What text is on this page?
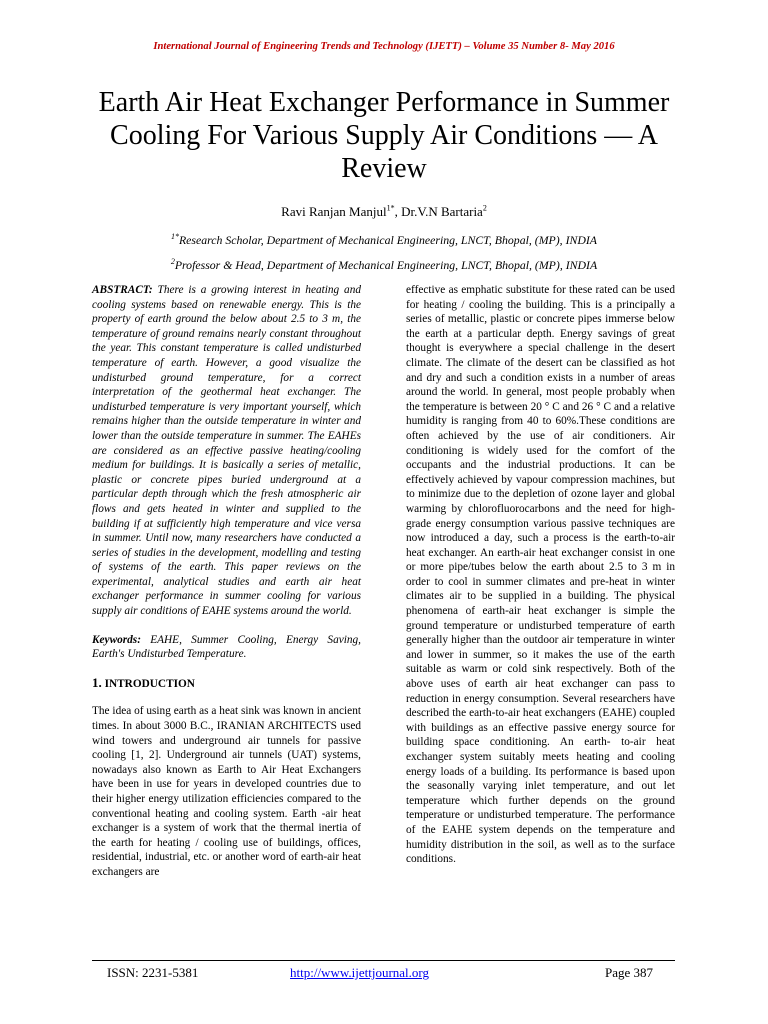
International Journal of Engineering Trends and Technology (IJETT) – Volume 35 Number 8- May 2016
Earth Air Heat Exchanger Performance in Summer Cooling For Various Supply Air Conditions — A Review
Ravi Ranjan Manjul$^{1*}$, Dr.V.N Bartaria$^2$
$^{1*}$Research Scholar, Department of Mechanical Engineering, LNCT, Bhopal, (MP), INDIA
$^2$Professor & Head, Department of Mechanical Engineering, LNCT, Bhopal, (MP), INDIA

ABSTRACT: There is a growing interest in heating and cooling systems based on renewable energy. This is the property of earth ground the below about 2.5 to 3 m, the temperature of ground remains nearly constant throughout the year. This constant temperature is called undisturbed temperature of earth. However, a good visualize the undisturbed ground temperature, for a correct interpretation of the geothermal heat exchanger. The undisturbed temperature is very important yourself, which remains higher than the outside temperature in winter and lower than the outside temperature in summer. The EAHEs are considered as an effective passive heating/cooling medium for buildings. It is basically a series of metallic, plastic or concrete pipes buried underground at a particular depth through which the fresh atmospheric air flows and gets heated in winter and supplied to the building if at sufficiently high temperature and vice versa in summer. Until now, many researchers have conducted a series of studies in the development, modelling and testing of systems of the earth. This paper reviews on the experimental, analytical studies and earth air heat exchanger performance in summer cooling for various supply air conditions of EAHE systems around the world.

Keywords: EAHE, Summer Cooling, Energy Saving, Earth's Undisturbed Temperature.

1. INTRODUCTION

The idea of using earth as a heat sink was known in ancient times. In about 3000 B.C., IRANIAN ARCHITECTS used wind towers and underground air tunnels for passive cooling [1, 2]. Underground air tunnels (UAT) systems, nowadays also known as Earth to Air Heat Exchangers have been in use for years in developed countries due to their higher energy utilization efficiencies compared to the conventional heating and cooling system. Earth -air heat exchanger is a system of work that the thermal inertia of the earth for heating / cooling use of buildings, offices, residential, industrial, etc. or another word of earth-air heat exchangers are

effective as emphatic substitute for these rated can be used for heating / cooling the building. This is a principally a series of metallic, plastic or concrete pipes immerse below the earth at a particular depth. Energy savings of great thought is everywhere a special challenge in the desert climate. The climate of the desert can be classified as hot and dry and such a condition exists in a number of areas around the world. In general, most people probably when the temperature is between 20 ° C and 26 ° C and a relative humidity is ranging from 40 to 60%.These conditions are often achieved by the use of air conditioners. Air conditioning is widely used for the comfort of the occupants and the industrial productions. It can be effectively achieved by vapour compression machines, but to minimize due to the depletion of ozone layer and global warming by chlorofluorocarbons and the need for high-grade energy consumption various passive techniques are now introduced a day, such a process is the earth-to-air heat exchanger. An earth-air heat exchanger consist in one or more pipe/tubes below the earth about 2.5 to 3 m in order to cool in summer climates and pre-heat in winter climates air to be supplied in a building. The physical phenomena of earth-air heat exchanger is simple the ground temperature or undisturbed temperature of earth generally higher than the outdoor air temperature in winter and lower in summer, so it makes the use of the earth suitable as warm or cold sink respectively. Both of the above uses of earth air heat exchanger can pass to reduction in energy consumption. Several researchers have described the earth-to-air heat exchangers (EAHE) coupled with buildings as an effective passive energy source for building space conditioning. An earth- to-air heat exchanger system suitably meets heating and cooling energy loads of a building. Its performance is based upon the seasonally varying inlet temperature, and out let temperature which further depends on the ground temperature or undisturbed temperature. The performance of the EAHE system depends on the temperature and humidity distribution in the soil, as well as to the surface conditions.

ISSN: 2231-5381	http://www.ijettjournal.org	Page 387
